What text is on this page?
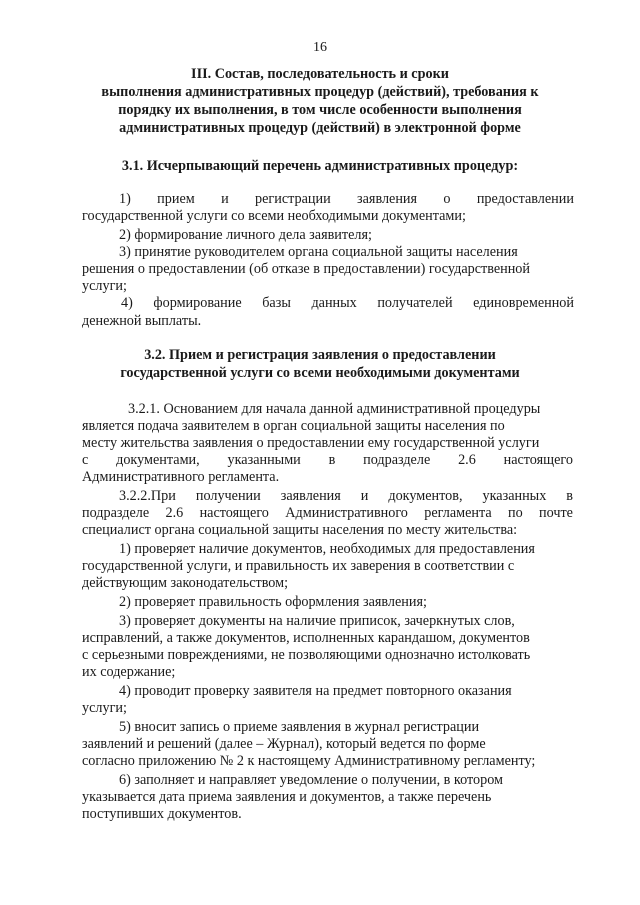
16
III. Состав, последовательность и сроки
выполнения административных процедур (действий), требования к
порядку их выполнения, в том числе особенности выполнения
административных процедур (действий) в электронной форме
3.1. Исчерпывающий перечень административных процедур:
1) прием и регистрации заявления о предоставлении
государственной услуги со всеми необходимыми документами;
2) формирование личного дела заявителя;
3) принятие руководителем органа социальной защиты населения
решения о предоставлении (об отказе в предоставлении) государственной
услуги;
4) формирование базы данных получателей единовременной
денежной выплаты.
3.2. Прием и регистрация заявления о предоставлении
государственной услуги со всеми необходимыми документами
3.2.1. Основанием для начала данной административной процедуры
является подача заявителем в орган социальной защиты населения по
месту жительства заявления о предоставлении ему государственной услуги
с документами, указанными в подразделе 2.6 настоящего
Административного регламента.
3.2.2.При получении заявления и документов, указанных в
подразделе 2.6 настоящего Административного регламента по почте
специалист органа социальной защиты населения по месту жительства:
1) проверяет наличие документов, необходимых для предоставления
государственной услуги, и правильность их заверения в соответствии с
действующим законодательством;
2) проверяет правильность оформления заявления;
3) проверяет документы на наличие приписок, зачеркнутых слов,
исправлений, а также документов, исполненных карандашом, документов
с серьезными повреждениями, не позволяющими однозначно истолковать
их содержание;
4) проводит проверку заявителя на предмет повторного оказания
услуги;
5) вносит запись о приеме заявления в журнал регистрации
заявлений и решений (далее – Журнал), который ведется по форме
согласно приложению № 2 к настоящему Административному регламенту;
6) заполняет и направляет уведомление о получении, в котором
указывается дата приема заявления и документов, а также перечень
поступивших документов.
